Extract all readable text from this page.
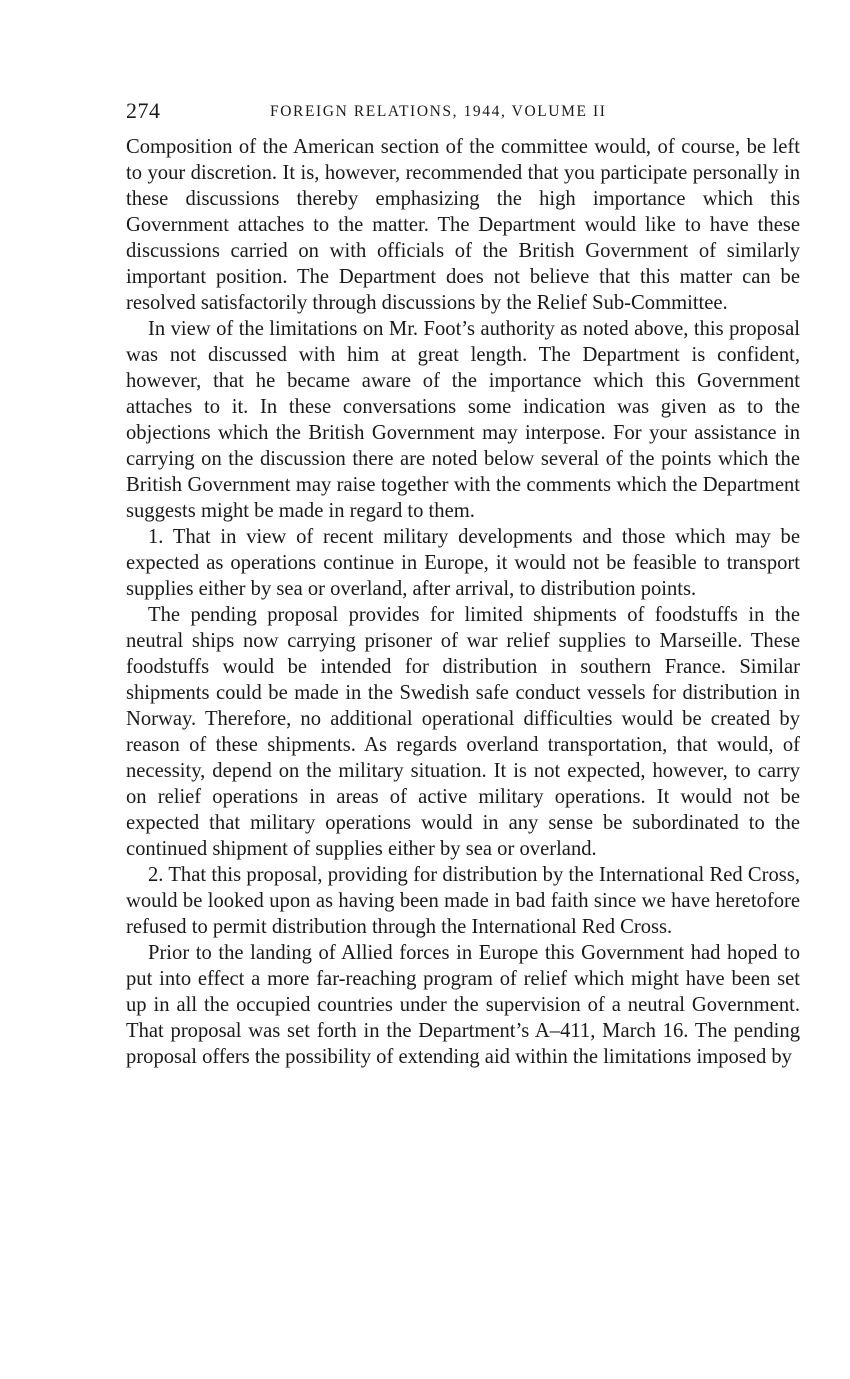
274	FOREIGN RELATIONS, 1944, VOLUME II

Composition of the American section of the committee would, of course, be left to your discretion. It is, however, recommended that you participate personally in these discussions thereby emphasizing the high importance which this Government attaches to the matter. The Department would like to have these discussions carried on with officials of the British Government of similarly important position. The Department does not believe that this matter can be resolved satisfactorily through discussions by the Relief Sub-Committee.

In view of the limitations on Mr. Foot’s authority as noted above, this proposal was not discussed with him at great length. The Department is confident, however, that he became aware of the importance which this Government attaches to it. In these conversations some indication was given as to the objections which the British Government may interpose. For your assistance in carrying on the discussion there are noted below several of the points which the British Government may raise together with the comments which the Department suggests might be made in regard to them.

1. That in view of recent military developments and those which may be expected as operations continue in Europe, it would not be feasible to transport supplies either by sea or overland, after arrival, to distribution points.

The pending proposal provides for limited shipments of foodstuffs in the neutral ships now carrying prisoner of war relief supplies to Marseille. These foodstuffs would be intended for distribution in southern France. Similar shipments could be made in the Swedish safe conduct vessels for distribution in Norway. Therefore, no additional operational difficulties would be created by reason of these shipments. As regards overland transportation, that would, of necessity, depend on the military situation. It is not expected, however, to carry on relief operations in areas of active military operations. It would not be expected that military operations would in any sense be subordinated to the continued shipment of supplies either by sea or overland.

2. That this proposal, providing for distribution by the International Red Cross, would be looked upon as having been made in bad faith since we have heretofore refused to permit distribution through the International Red Cross.

Prior to the landing of Allied forces in Europe this Government had hoped to put into effect a more far-reaching program of relief which might have been set up in all the occupied countries under the supervision of a neutral Government. That proposal was set forth in the Department’s A–411, March 16. The pending proposal offers the possibility of extending aid within the limitations imposed by
